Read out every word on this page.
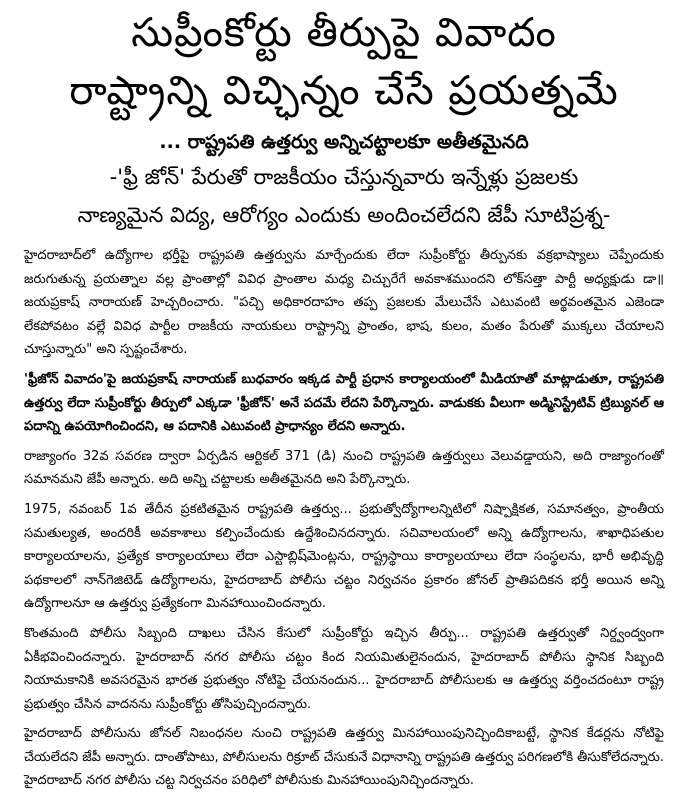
సుప్రీంకోర్టు తీర్పుపై వివాదం
రాష్ట్రాన్ని విచ్ఛిన్నం చేసే ప్రయత్నమే

... రాష్ట్రపతి ఉత్తర్వు అన్నిచట్టాలకూ అతీతమైనది

-'ఫ్రీ జోన్' పేరుతో రాజకీయం చేస్తున్నవారు ఇన్నేళ్లు ప్రజలకు

నాణ్యమైన విద్య, ఆరోగ్యం ఎందుకు అందించలేదని జేపీ సూటిప్రశ్న-

హైదరాబాద్‌లో ఉద్యోగాల భర్తీపై రాష్ట్రపతి ఉత్తర్వును మార్చేందుకు లేదా సుప్రీంకోర్టు తీర్పునకు వక్రభాష్యాలు చెప్పేందుకు జరుగుతున్న ప్రయత్నాల వల్ల ప్రాంతాల్లో వివిధ ప్రాంతాల మధ్య చిచ్చురేగే అవకాశముందని లోక్‌సత్తా పార్టీ అధ్యక్షుడు డా॥ జయప్రకాష్ నారాయణ్ హెచ్చరించారు. "పచ్చి అధికారదాహం తప్ప ప్రజలకు మేలుచేసే ఎటువంటి అర్థవంతమైన ఎజెండా లేకపోవటం వల్లే వివిధ పార్టీల రాజకీయ నాయకులు రాష్ట్రాన్ని ప్రాంతం, భాష, కులం, మతం పేరుతో ముక్కలు చేయాలని చూస్తున్నారు" అని స్పష్టంచేశారు.

'ఫ్రీజోన్ వివాదం'పై జయప్రకాష్ నారాయణ్ బుధవారం ఇక్కడ పార్టీ ప్రధాన కార్యాలయంలో మీడియాతో మాట్లాడుతూ, రాష్ట్రపతి ఉత్తర్వు లేదా సుప్రీంకోర్టు తీర్పులో ఎక్కడా 'ఫ్రీజోన్' అనే పదమే లేదని పేర్కొన్నారు. వాడుకకు వీలుగా అడ్మినిస్ట్రేటివ్ ట్రిబ్యునల్ ఆ పదాన్ని ఉపయోగించిందని, ఆ పదానికి ఎటువంటి ప్రాధాన్యం లేదని అన్నారు.

రాజ్యాంగం 32వ సవరణ ద్వారా ఏర్పడిన ఆర్టికల్ 371 (డి) నుంచి రాష్ట్రపతి ఉత్తర్వులు వెలువడ్డాయని, అది రాజ్యాంగంతో సమానమని జేపీ అన్నారు. అది అన్ని చట్టాలకు అతీతమైనది అని పేర్కొన్నారు.

1975, నవంబర్ 1వ తేదీన ప్రకటితమైన రాష్ట్రపతి ఉత్తర్వు... ప్రభుత్వోద్యోగాలన్నిటిలో నిష్పాక్షికత, సమానత్వం, ప్రాంతీయ సమతుల్యత, అందరికీ అవకాశాలు కల్పించేందుకు ఉద్దేశించినదన్నారు. సచివాలయంలో అన్ని ఉద్యోగాలను, శాఖాధిపతుల కార్యాలయాలను, ప్రత్యేక కార్యాలయాలు లేదా ఎస్టాబ్లిష్‌మెంట్లను, రాష్ట్రస్థాయి కార్యాలయాలు లేదా సంస్థలను, భారీ అభివృద్ధి పథకాలలో నాన్‌గెజిటెడ్ ఉద్యోగాలను, హైదరాబాద్ పోలీసు చట్టం నిర్వచనం ప్రకారం జోనల్ ప్రాతిపదికన భర్తీ అయిన అన్ని ఉద్యోగాలనూ ఆ ఉత్తర్వు ప్రత్యేకంగా మినహాయించిందన్నారు.

కొంతమంది పోలీసు సిబ్బంది దాఖలు చేసిన కేసులో సుప్రీంకోర్టు ఇచ్చిన తీర్పు... రాష్ట్రపతి ఉత్తర్వుతో నిర్ద్వంద్వంగా ఏకీభవించిందన్నారు. హైదరాబాద్ నగర పోలీసు చట్టం కింద నియమితులైనందున, హైదరాబాద్ పోలీసు స్థానిక సిబ్బంది నియామకానికి అవసరమైన భారత ప్రభుత్వం నోటిఫై చేయనందున... హైదరాబాద్ పోలీసులకు ఆ ఉత్తర్వు వర్తించదంటూ రాష్ట్ర ప్రభుత్వం చేసిన వాదనను సుప్రీంకోర్టు తోసిపుచ్చిందన్నారు.

హైదరాబాద్ పోలీసును జోనల్ నిబంధనల నుంచి రాష్ట్రపతి ఉత్తర్వు మినహాయింపునిచ్చిందికాబట్టే, స్థానిక కేడర్లను నోటిఫై చేయలేదని జేపీ అన్నారు. దాంతోపాటు, పోలీసులను రిక్రూట్ చేసుకునే విధానాన్ని రాష్ట్రపతి ఉత్తర్వు పరిగణలోకి తీసుకోలేదన్నారు. హైదరాబాద్ నగర పోలీసు చట్ట నిర్వచనం పరిధిలో పోలీసుకు మినహాయింపునిచ్చిందన్నారు.
